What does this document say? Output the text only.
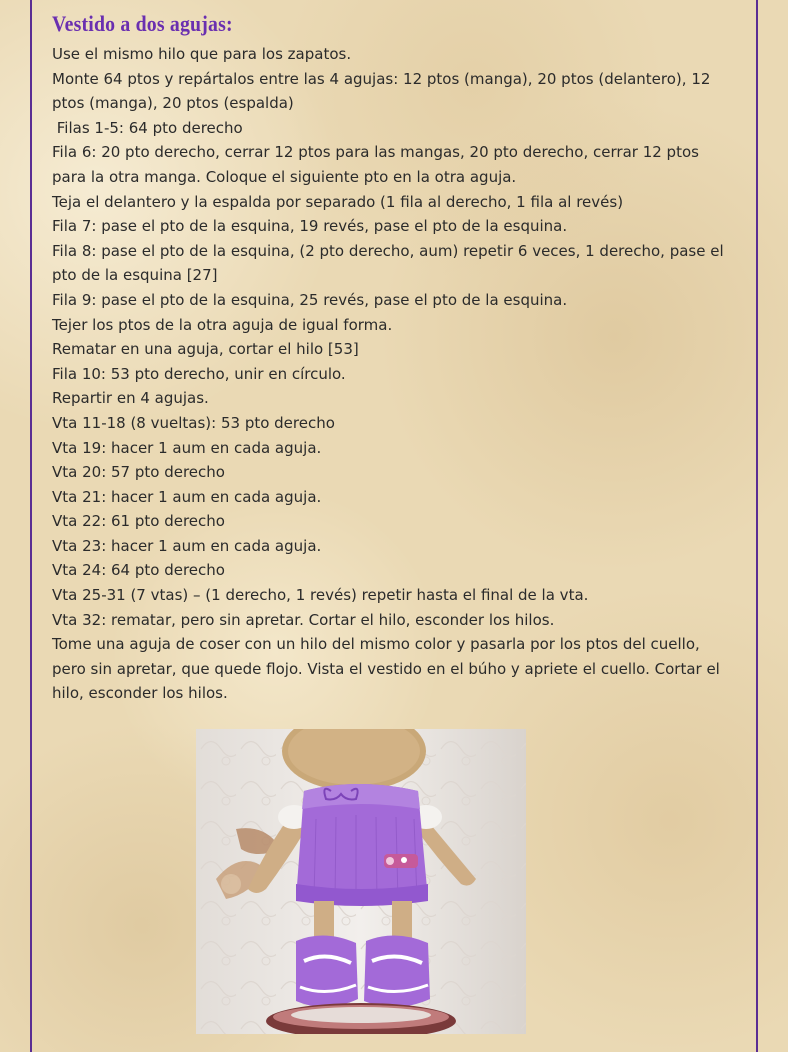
Vestido a dos agujas:

Use el mismo hilo que para los zapatos.

Monte 64 ptos y repártalos entre las 4 agujas: 12 ptos (manga), 20 ptos (delantero), 12

ptos (manga), 20 ptos (espalda)

Filas 1-5: 64 pto derecho

Fila 6: 20 pto derecho, cerrar 12 ptos para las mangas, 20 pto derecho, cerrar 12 ptos

para la otra manga. Coloque el siguiente pto en la otra aguja.

Teja el delantero y la espalda por separado (1 fila al derecho, 1 fila al revés)

Fila 7: pase el pto de la esquina, 19 revés, pase el pto de la esquina.

Fila 8: pase el pto de la esquina, (2 pto derecho, aum) repetir 6 veces, 1 derecho, pase el

pto de la esquina [27]

Fila 9: pase el pto de la esquina, 25 revés, pase el pto de la esquina.

Tejer los ptos de la otra aguja de igual forma.

Rematar en una aguja, cortar el hilo [53]

Fila 10: 53 pto derecho, unir en círculo.

Repartir en 4 agujas.

Vta 11-18 (8 vueltas): 53 pto derecho

Vta 19: hacer 1 aum en cada aguja.

Vta 20: 57 pto derecho

Vta 21: hacer 1 aum en cada aguja.

Vta 22: 61 pto derecho

Vta 23: hacer 1 aum en cada aguja.

Vta 24: 64 pto derecho

Vta 25-31 (7 vtas) – (1 derecho, 1 revés) repetir hasta el final de la vta.

Vta 32: rematar, pero sin apretar. Cortar el hilo, esconder los hilos.

Tome una aguja de coser con un hilo del mismo color y pasarla por los ptos del cuello,

pero sin apretar, que quede flojo. Vista el vestido en el búho y apriete el cuello. Cortar el

hilo, esconder los hilos.
